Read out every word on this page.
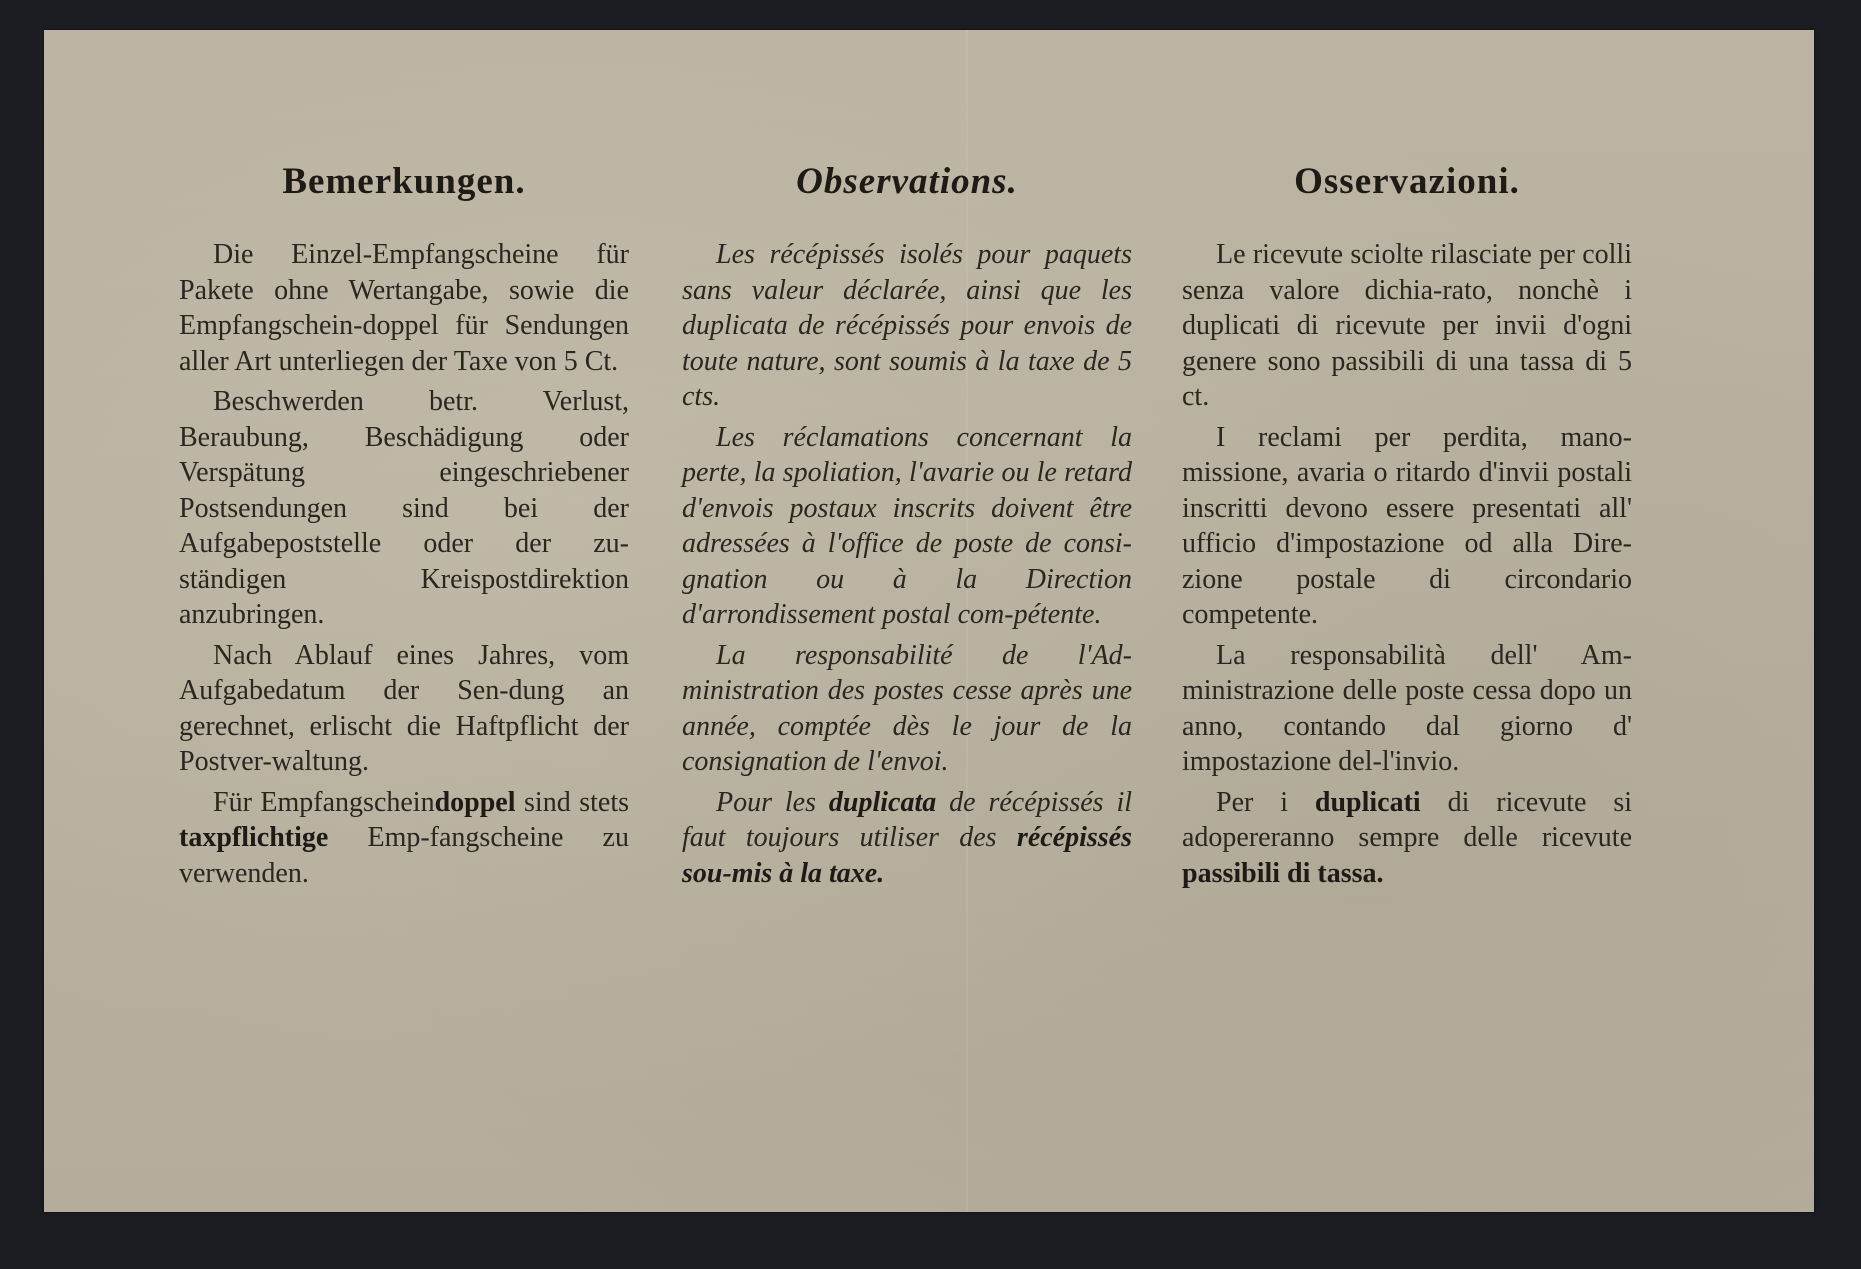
Bemerkungen.

Die Einzel-Empfangscheine für Pakete ohne Wertangabe, sowie die Empfangschein-doppel für Sendungen aller Art unterliegen der Taxe von 5 Ct.

Beschwerden betr. Verlust, Beraubung, Beschädigung oder Verspätung eingeschriebener Postsendungen sind bei der Aufgabepoststelle oder der zu-ständigen Kreispostdirektion anzubringen.

Nach Ablauf eines Jahres, vom Aufgabedatum der Sen-dung an gerechnet, erlischt die Haftpflicht der Postver-waltung.

Für Empfangscheindoppel sind stets taxpflichtige Emp-fangscheine zu verwenden.

Observations.

Les récépissés isolés pour paquets sans valeur déclarée, ainsi que les duplicata de récépissés pour envois de toute nature, sont soumis à la taxe de 5 cts.

Les réclamations concernant la perte, la spoliation, l'avarie ou le retard d'envois postaux inscrits doivent être adressées à l'office de poste de consi-gnation ou à la Direction d'arrondissement postal com-pétente.

La responsabilité de l'Ad-ministration des postes cesse après une année, comptée dès le jour de la consignation de l'envoi.

Pour les duplicata de récépissés il faut toujours utiliser des récépissés sou-mis à la taxe.

Osservazioni.

Le ricevute sciolte rilasciate per colli senza valore dichia-rato, nonchè i duplicati di ricevute per invii d'ogni genere sono passibili di una tassa di 5 ct.

I reclami per perdita, mano-missione, avaria o ritardo d'invii postali inscritti devono essere presentati all' ufficio d'impostazione od alla Dire-zione postale di circondario competente.

La responsabilità dell' Am-ministrazione delle poste cessa dopo un anno, contando dal giorno d' impostazione del-l'invio.

Per i duplicati di ricevute si adopereranno sempre delle ricevute passibili di tassa.
